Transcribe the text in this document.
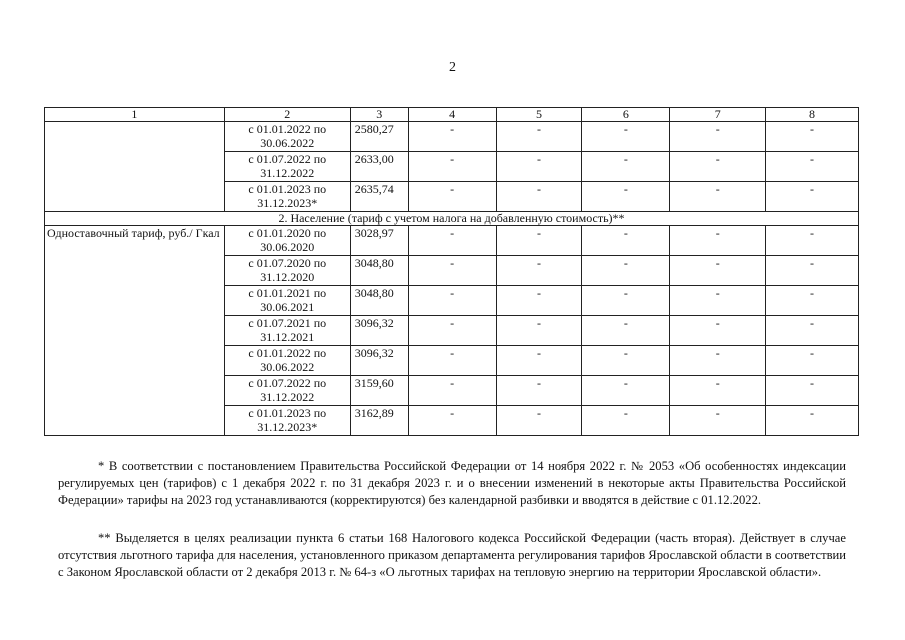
2
1	2	3	4	5	6	7	8
	с 01.01.2022 по 30.06.2022	2580,27	-	-	-	-	-
	с 01.07.2022 по 31.12.2022	2633,00	-	-	-	-	-
	с 01.01.2023 по 31.12.2023*	2635,74	-	-	-	-	-
2. Население (тариф с учетом налога на добавленную стоимость)**							
Одноставочный тариф, руб./ Гкал	с 01.01.2020 по 30.06.2020	3028,97	-	-	-	-	-
	с 01.07.2020 по 31.12.2020	3048,80	-	-	-	-	-
	с 01.01.2021 по 30.06.2021	3048,80	-	-	-	-	-
	с 01.07.2021 по 31.12.2021	3096,32	-	-	-	-	-
	с 01.01.2022 по 30.06.2022	3096,32	-	-	-	-	-
	с 01.07.2022 по 31.12.2022	3159,60	-	-	-	-	-
	с 01.01.2023 по 31.12.2023*	3162,89	-	-	-	-	-

* В соответствии с постановлением Правительства Российской Федерации от 14 ноября 2022 г. № 2053 «Об особенностях индексации регулируемых цен (тарифов) с 1 декабря 2022 г. по 31 декабря 2023 г. и о внесении изменений в некоторые акты Правительства Российской Федерации» тарифы на 2023 год устанавливаются (корректируются) без календарной разбивки и вводятся в действие с 01.12.2022.

** Выделяется в целях реализации пункта 6 статьи 168 Налогового кодекса Российской Федерации (часть вторая). Действует в случае отсутствия льготного тарифа для населения, установленного приказом департамента регулирования тарифов Ярославской области в соответствии с Законом Ярославской области от 2 декабря 2013 г. № 64-з «О льготных тарифах на тепловую энергию на территории Ярославской области».
